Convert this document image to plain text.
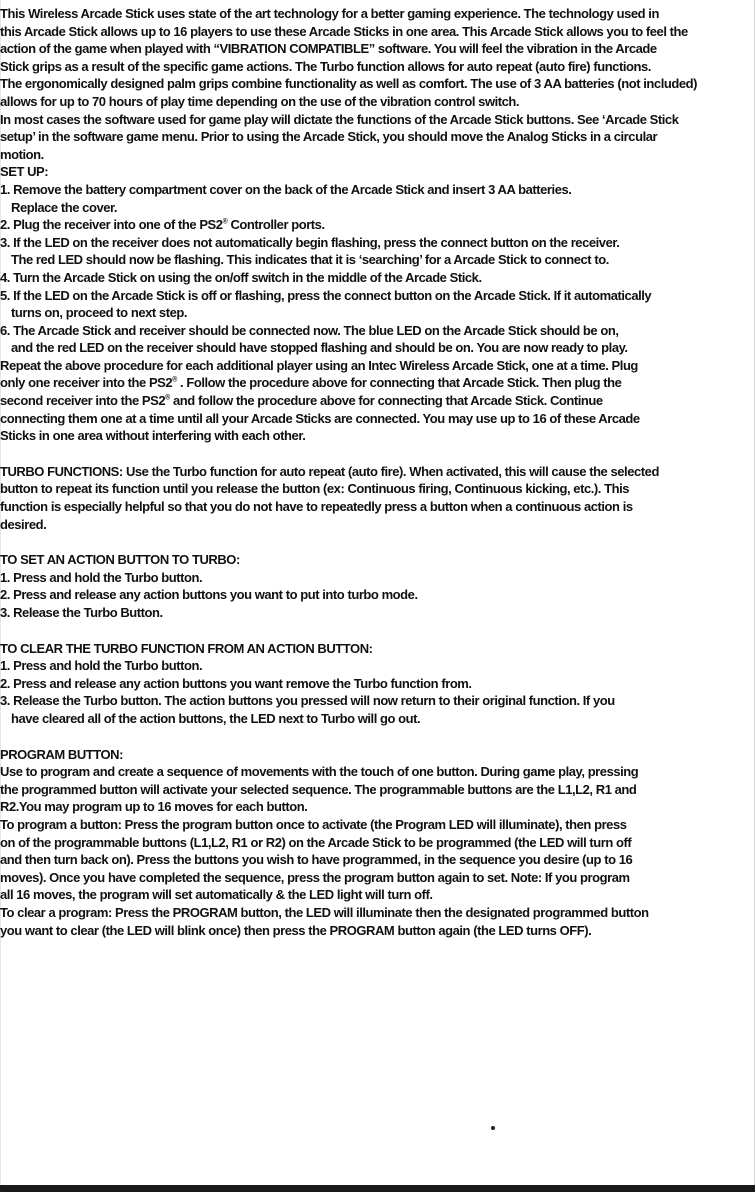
This Wireless Arcade Stick uses state of the art technology for a better gaming experience. The technology used in
this Arcade Stick allows up to 16 players to use these Arcade Sticks in one area. This Arcade Stick allows you to feel the
action of the game when played with “VIBRATION COMPATIBLE” software. You will feel the vibration in the Arcade
Stick grips as a result of the specific game actions. The Turbo function allows for auto repeat (auto fire) functions.
The ergonomically designed palm grips combine functionality as well as comfort. The use of 3 AA batteries (not included)
allows for up to 70 hours of play time depending on the use of the vibration control switch.
In most cases the software used for game play will dictate the functions of the Arcade Stick buttons. See ‘Arcade Stick
setup’ in the software game menu. Prior to using the Arcade Stick, you should move the Analog Sticks in a circular
motion.
SET UP:
1. Remove the battery compartment cover on the back of the Arcade Stick and insert 3 AA batteries.
Replace the cover.
2. Plug the receiver into one of the PS2® Controller ports.
3. If the LED on the receiver does not automatically begin flashing, press the connect button on the receiver.
The red LED should now be flashing. This indicates that it is ‘searching’ for a Arcade Stick to connect to.
4. Turn the Arcade Stick on using the on/off switch in the middle of the Arcade Stick.
5. If the LED on the Arcade Stick is off or flashing, press the connect button on the Arcade Stick. If it automatically
turns on, proceed to next step.
6. The Arcade Stick and receiver should be connected now. The blue LED on the Arcade Stick should be on,
and the red LED on the receiver should have stopped flashing and should be on. You are now ready to play.
Repeat the above procedure for each additional player using an Intec Wireless Arcade Stick, one at a time. Plug
only one receiver into the PS2® . Follow the procedure above for connecting that Arcade Stick. Then plug the
second receiver into the PS2® and follow the procedure above for connecting that Arcade Stick. Continue
connecting them one at a time until all your Arcade Sticks are connected. You may use up to 16 of these Arcade
Sticks in one area without interfering with each other.
TURBO FUNCTIONS: Use the Turbo function for auto repeat (auto fire). When activated, this will cause the selected
button to repeat its function until you release the button (ex: Continuous firing, Continuous kicking, etc.). This
function is especially helpful so that you do not have to repeatedly press a button when a continuous action is
desired.
TO SET AN ACTION BUTTON TO TURBO:
1. Press and hold the Turbo button.
2. Press and release any action buttons you want to put into turbo mode.
3. Release the Turbo Button.
TO CLEAR THE TURBO FUNCTION FROM AN ACTION BUTTON:
1. Press and hold the Turbo button.
2. Press and release any action buttons you want remove the Turbo function from.
3. Release the Turbo button. The action buttons you pressed will now return to their original function. If you
have cleared all of the action buttons, the LED next to Turbo will go out.
PROGRAM BUTTON:
Use to program and create a sequence of movements with the touch of one button. During game play, pressing
the programmed button will activate your selected sequence. The programmable buttons are the L1,L2, R1 and
R2.You may program up to 16 moves for each button.
To program a button: Press the program button once to activate (the Program LED will illuminate), then press
on of the programmable buttons (L1,L2, R1 or R2) on the Arcade Stick to be programmed (the LED will turn off
and then turn back on). Press the buttons you wish to have programmed, in the sequence you desire (up to 16
moves). Once you have completed the sequence, press the program button again to set. Note: If you program
all 16 moves, the program will set automatically & the LED light will turn off.
To clear a program: Press the PROGRAM button, the LED will illuminate then the designated programmed button
you want to clear (the LED will blink once) then press the PROGRAM button again (the LED turns OFF).
